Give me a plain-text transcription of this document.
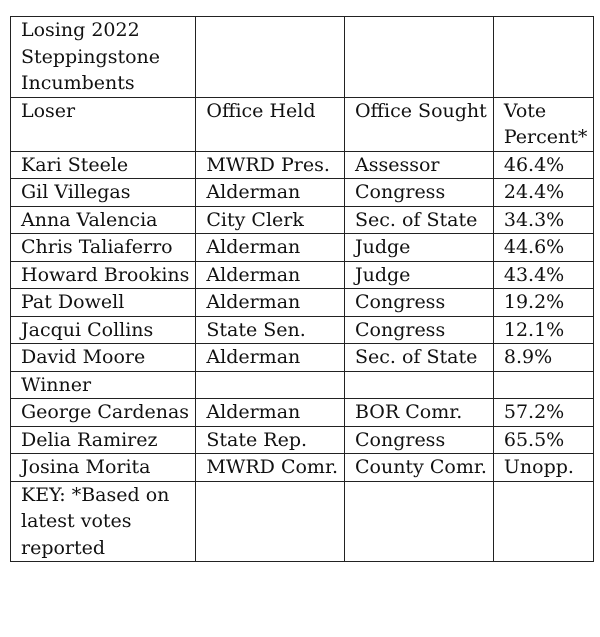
Losing 2022 Steppingstone Incumbents			
Loser	Office Held	Office Sought	Vote Percent*
Kari Steele	MWRD Pres.	Assessor	46.4%
Gil Villegas	Alderman	Congress	24.4%
Anna Valencia	City Clerk	Sec. of State	34.3%
Chris Taliaferro	Alderman	Judge	44.6%
Howard Brookins	Alderman	Judge	43.4%
Pat Dowell	Alderman	Congress	19.2%
Jacqui Collins	State Sen.	Congress	12.1%
David Moore	Alderman	Sec. of State	8.9%
Winner			
George Cardenas	Alderman	BOR Comr.	57.2%
Delia Ramirez	State Rep.	Congress	65.5%
Josina Morita	MWRD Comr.	County Comr.	Unopp.
KEY: *Based on latest votes reported			
